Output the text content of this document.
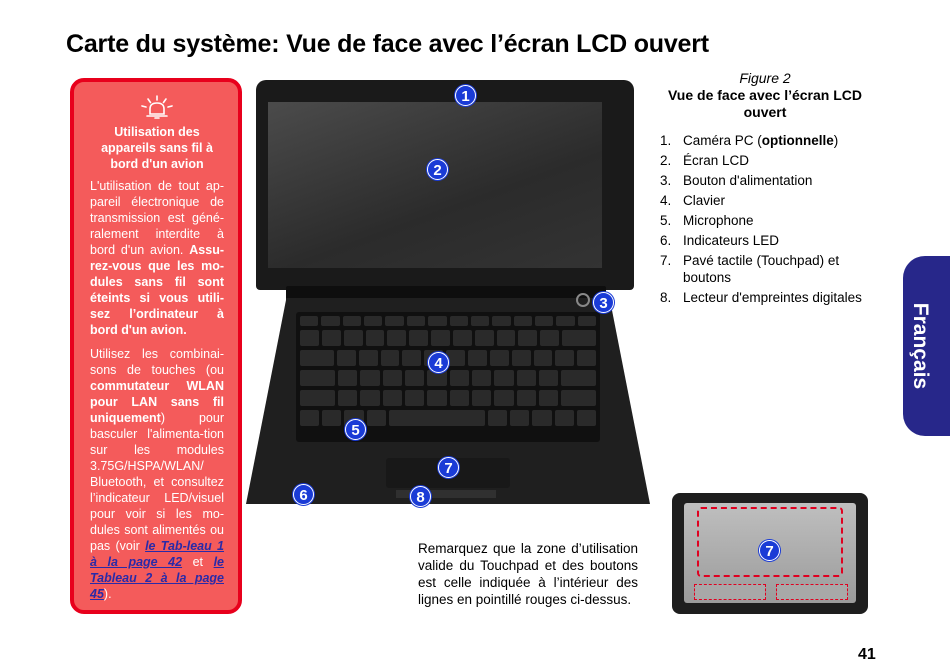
Carte du système: Vue de face avec l’écran LCD ouvert
Utilisation des appareils sans fil à bord d'un avion

L'utilisation de tout ap-pareil électronique de transmission est géné-ralement interdite à bord d'un avion. Assu-rez-vous que les mo-dules sans fil sont éteints si vous utili-sez l’ordinateur à bord d'un avion.

Utilisez les combinai-sons de touches (ou commutateur WLAN pour LAN sans fil uniquement) pour basculer l'alimenta-tion sur les modules 3.75G/HSPA/WLAN/ Bluetooth, et consultez l’indicateur LED/visuel pour voir si les mo-dules sont alimentés ou pas (voir le Tab-leau 1 à la page 42 et le Tableau 2 à la page 45).

1
2
3
4
5
6
7
8
Figure 2
Vue de face avec l’écran LCD ouvert
1. Caméra PC (optionnelle)
2. Écran LCD
3. Bouton d'alimentation
4. Clavier
5. Microphone
6. Indicateurs LED
7. Pavé tactile (Touchpad) et boutons
8. Lecteur d'empreintes digitales
Remarquez que la zone d’utilisation valide du Touchpad et des boutons est celle indiquée à l’intérieur des lignes en pointillé rouges ci-dessus.
7
Français
41
